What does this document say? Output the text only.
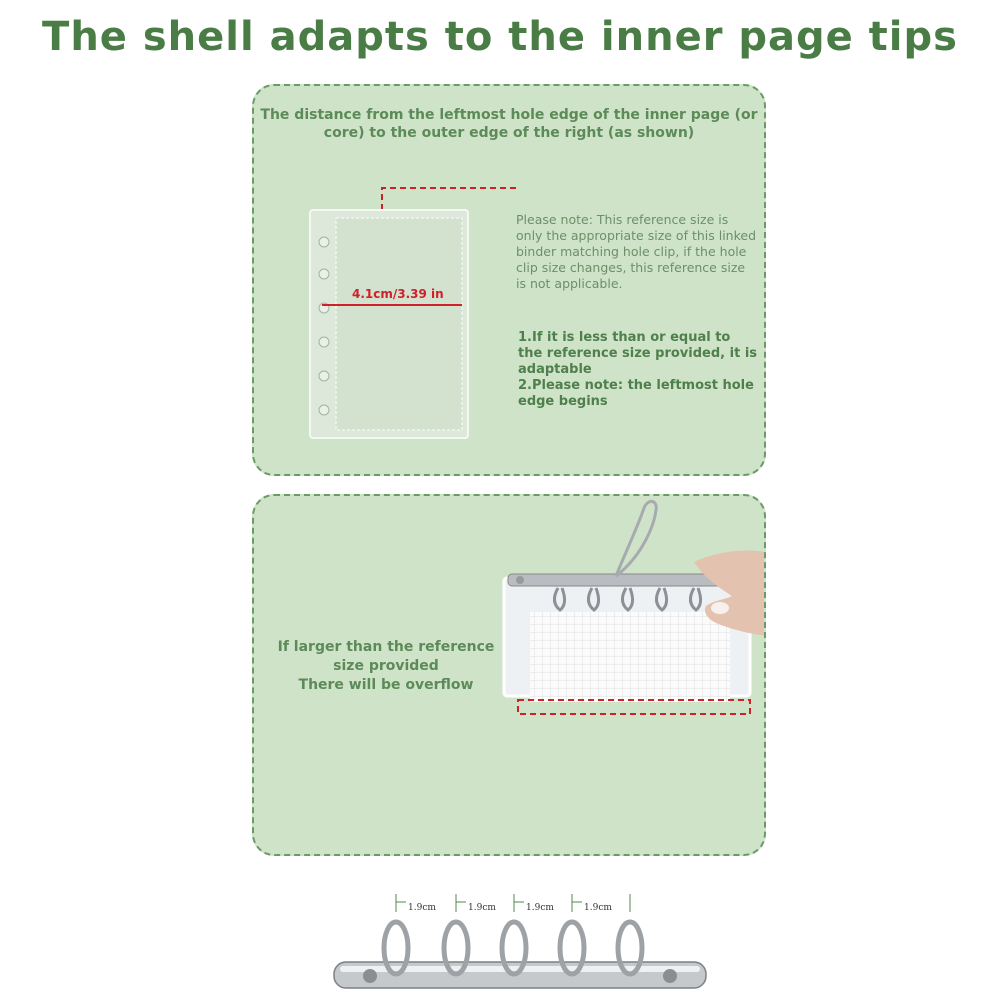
The shell adapts to the inner page tips
The distance from the leftmost hole edge of the inner page (or core) to the outer edge of the right (as shown)
4.1cm/3.39 in
Please note: This reference size is only the appropriate size of this linked binder matching hole clip, if the hole clip size changes, this reference size is not applicable.
1.If it is less than or equal to the reference size provided, it is adaptable
2.Please note: the leftmost hole edge begins
If larger than the reference
size provided
There will be overflow
1.9cm	1.9cm	1.9cm	1.9cm
